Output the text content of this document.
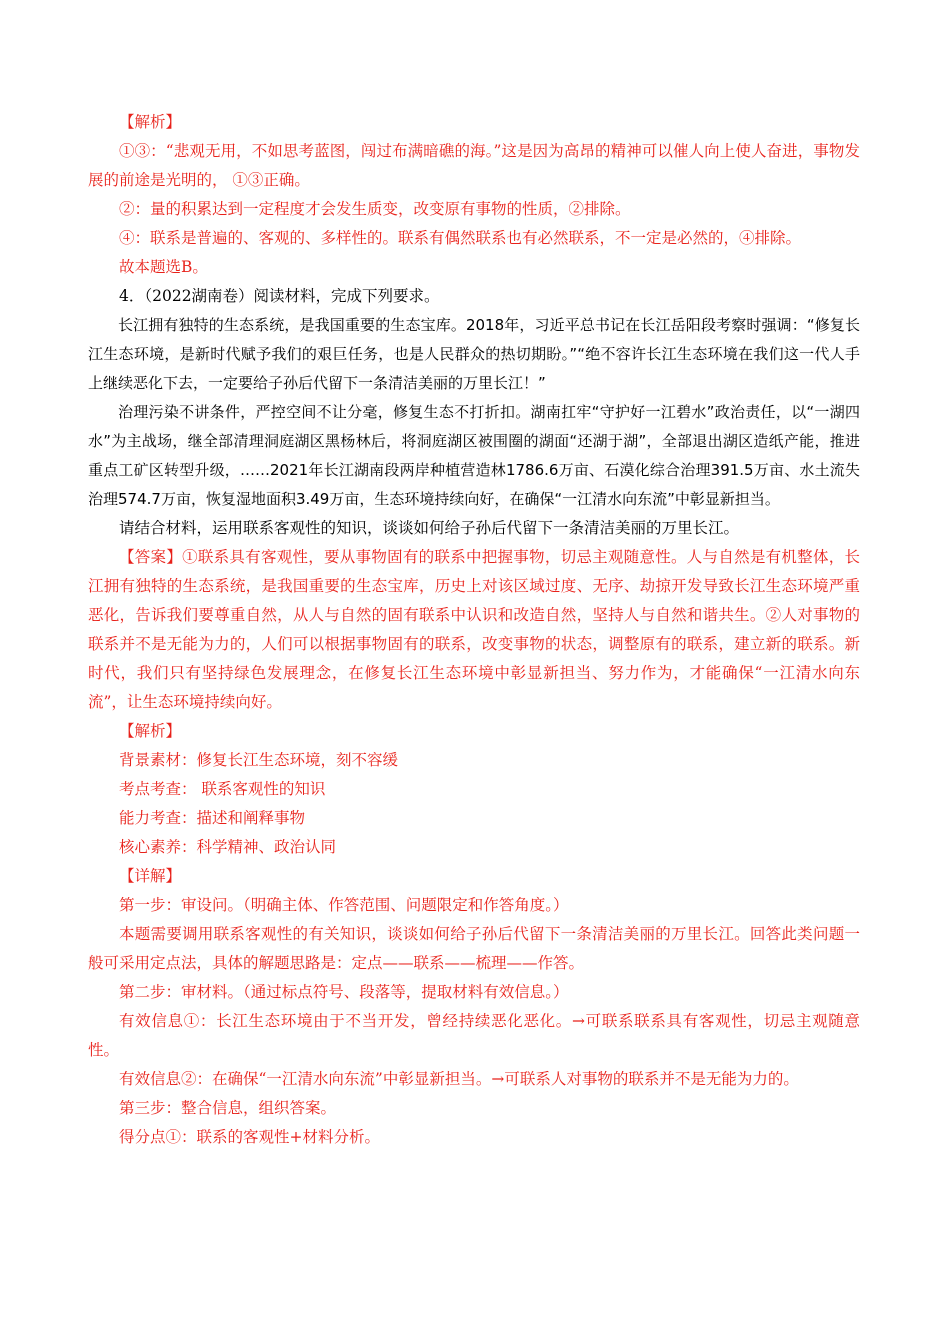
【解析】

①③：“悲观无用，不如思考蓝图，闯过布满暗礁的海。”这是因为高昂的精神可以催人向上使人奋进，事物发展的前途是光明的， ①③正确。

②：量的积累达到一定程度才会发生质变，改变原有事物的性质，②排除。

④：联系是普遍的、客观的、多样性的。联系有偶然联系也有必然联系，不一定是必然的，④排除。

故本题选B。

4．（2022湖南卷）阅读材料，完成下列要求。

长江拥有独特的生态系统，是我国重要的生态宝库。2018年，习近平总书记在长江岳阳段考察时强调：“修复长江生态环境，是新时代赋予我们的艰巨任务，也是人民群众的热切期盼。”“绝不容许长江生态环境在我们这一代人手上继续恶化下去，一定要给子孙后代留下一条清洁美丽的万里长江！”

治理污染不讲条件，严控空间不让分毫，修复生态不打折扣。湖南扛牢“守护好一江碧水”政治责任，以“一湖四水”为主战场，继全部清理洞庭湖区黑杨林后，将洞庭湖区被围圈的湖面“还湖于湖”，全部退出湖区造纸产能，推进重点工矿区转型升级，……2021年长江湖南段两岸种植营造林1786.6万亩、石漠化综合治理391.5万亩、水土流失治理574.7万亩，恢复湿地面积3.49万亩，生态环境持续向好，在确保“一江清水向东流”中彰显新担当。

请结合材料，运用联系客观性的知识，谈谈如何给子孙后代留下一条清洁美丽的万里长江。

【答案】①联系具有客观性，要从事物固有的联系中把握事物，切忌主观随意性。人与自然是有机整体，长江拥有独特的生态系统，是我国重要的生态宝库，历史上对该区域过度、无序、劫掠开发导致长江生态环境严重恶化，告诉我们要尊重自然，从人与自然的固有联系中认识和改造自然，坚持人与自然和谐共生。②人对事物的联系并不是无能为力的，人们可以根据事物固有的联系，改变事物的状态，调整原有的联系，建立新的联系。新时代，我们只有坚持绿色发展理念，在修复长江生态环境中彰显新担当、努力作为，才能确保“一江清水向东流”，让生态环境持续向好。

【解析】

背景素材：修复长江生态环境，刻不容缓

考点考查： 联系客观性的知识

能力考查：描述和阐释事物

核心素养：科学精神、政治认同

【详解】

第一步：审设问。（明确主体、作答范围、问题限定和作答角度。）

本题需要调用联系客观性的有关知识，谈谈如何给子孙后代留下一条清洁美丽的万里长江。回答此类问题一般可采用定点法，具体的解题思路是：定点——联系——梳理——作答。

第二步：审材料。（通过标点符号、段落等，提取材料有效信息。）

有效信息①：长江生态环境由于不当开发，曾经持续恶化恶化。→可联系联系具有客观性，切忌主观随意性。

有效信息②：在确保“一江清水向东流”中彰显新担当。→可联系人对事物的联系并不是无能为力的。

第三步：整合信息，组织答案。

得分点①：联系的客观性+材料分析。
